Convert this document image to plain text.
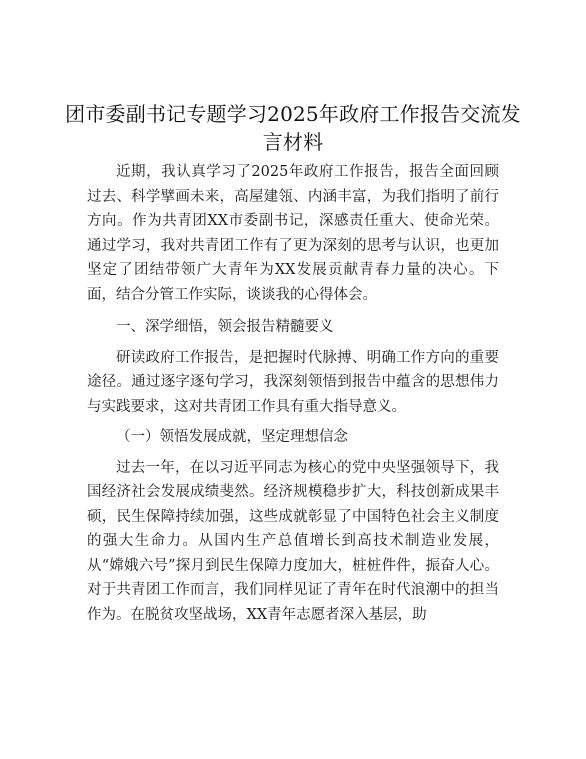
团市委副书记专题学习2025年政府工作报告交流发言材料

近期，我认真学习了2025年政府工作报告，报告全面回顾过去、科学擘画未来，高屋建瓴、内涵丰富，为我们指明了前行方向。作为共青团XX市委副书记，深感责任重大、使命光荣。通过学习，我对共青团工作有了更为深刻的思考与认识，也更加坚定了团结带领广大青年为XX发展贡献青春力量的决心。下面，结合分管工作实际，谈谈我的心得体会。

一、深学细悟，领会报告精髓要义

研读政府工作报告，是把握时代脉搏、明确工作方向的重要途径。通过逐字逐句学习，我深刻领悟到报告中蕴含的思想伟力与实践要求，这对共青团工作具有重大指导意义。

（一）领悟发展成就，坚定理想信念

过去一年，在以习近平同志为核心的党中央坚强领导下，我国经济社会发展成绩斐然。经济规模稳步扩大，科技创新成果丰硕，民生保障持续加强，这些成就彰显了中国特色社会主义制度的强大生命力。从国内生产总值增长到高技术制造业发展，从“嫦娥六号”探月到民生保障力度加大，桩桩件件，振奋人心。对于共青团工作而言，我们同样见证了青年在时代浪潮中的担当作为。在脱贫攻坚战场，XX青年志愿者深入基层，助
